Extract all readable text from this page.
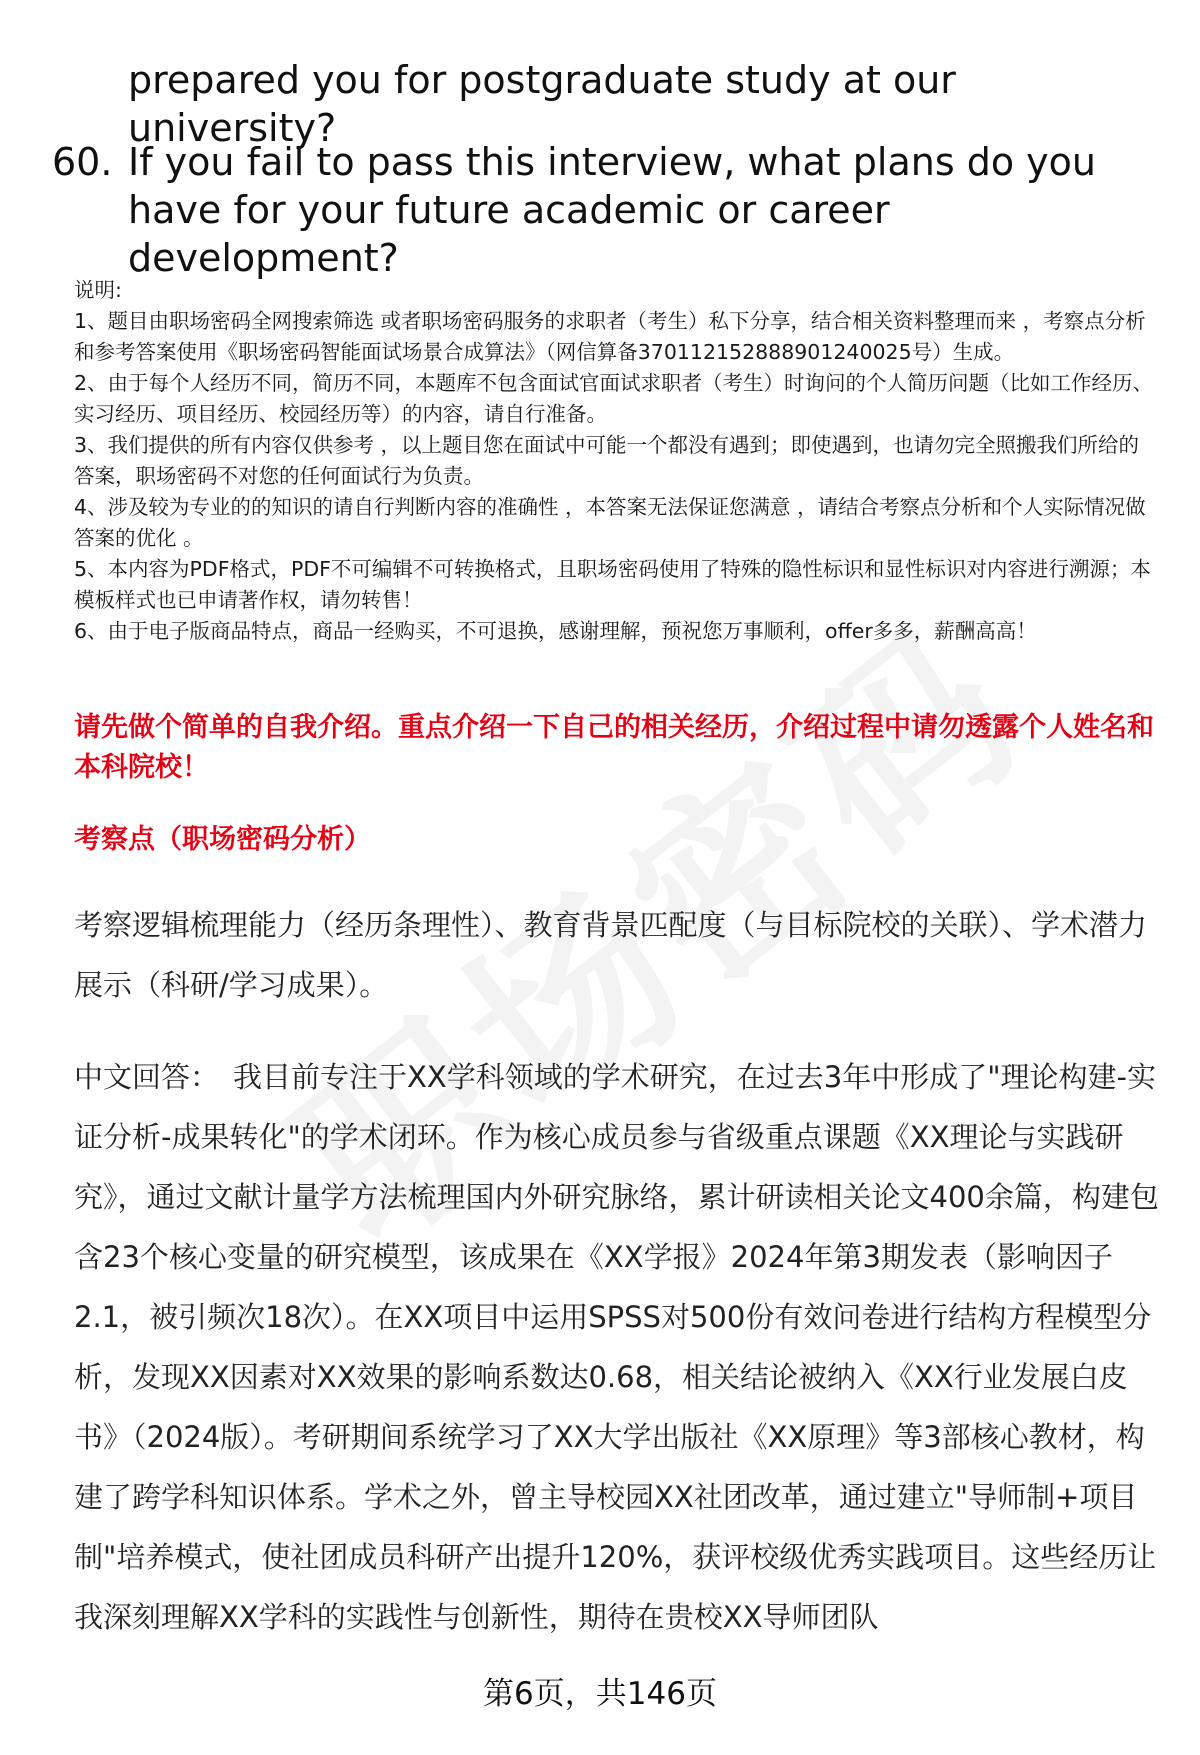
prepared you for postgraduate study at our university?
60. If you fail to pass this interview, what plans do you have for your future academic or career development?

说明:

1、题目由职场密码全网搜索筛选 或者职场密码服务的求职者（考生）私下分享，结合相关资料整理而来 ，考察点分析和参考答案使用《职场密码智能面试场景合成算法》（网信算备370112152888901240025号）生成。

2、由于每个人经历不同，简历不同，本题库不包含面试官面试求职者（考生）时询问的个人简历问题（比如工作经历、实习经历、项目经历、校园经历等）的内容，请自行准备。

3、我们提供的所有内容仅供参考 ，以上题目您在面试中可能一个都没有遇到；即使遇到，也请勿完全照搬我们所给的答案，职场密码不对您的任何面试行为负责。

4、涉及较为专业的的知识的请自行判断内容的准确性 ，本答案无法保证您满意 ，请结合考察点分析和个人实际情况做答案的优化 。

5、本内容为PDF格式，PDF不可编辑不可转换格式，且职场密码使用了特殊的隐性标识和显性标识对内容进行溯源；本模板样式也已申请著作权，请勿转售！

6、由于电子版商品特点，商品一经购买，不可退换，感谢理解，预祝您万事顺利，offer多多，薪酬高高！

请先做个简单的自我介绍。重点介绍一下自己的相关经历，介绍过程中请勿透露个人姓名和本科院校！
考察点（职场密码分析）
考察逻辑梳理能力（经历条理性）、教育背景匹配度（与目标院校的关联）、学术潜力展示（科研/学习成果）。
中文回答： 我目前专注于XX学科领域的学术研究，在过去3年中形成了"理论构建-实证分析-成果转化"的学术闭环。作为核心成员参与省级重点课题《XX理论与实践研究》，通过文献计量学方法梳理国内外研究脉络，累计研读相关论文400余篇，构建包含23个核心变量的研究模型，该成果在《XX学报》2024年第3期发表（影响因子2.1，被引频次18次）。在XX项目中运用SPSS对500份有效问卷进行结构方程模型分析，发现XX因素对XX效果的影响系数达0.68，相关结论被纳入《XX行业发展白皮书》（2024版）。考研期间系统学习了XX大学出版社《XX原理》等3部核心教材，构建了跨学科知识体系。学术之外，曾主导校园XX社团改革，通过建立"导师制+项目制"培养模式，使社团成员科研产出提升120%，获评校级优秀实践项目。这些经历让我深刻理解XX学科的实践性与创新性，期待在贵校XX导师团队
第6页，共146页
